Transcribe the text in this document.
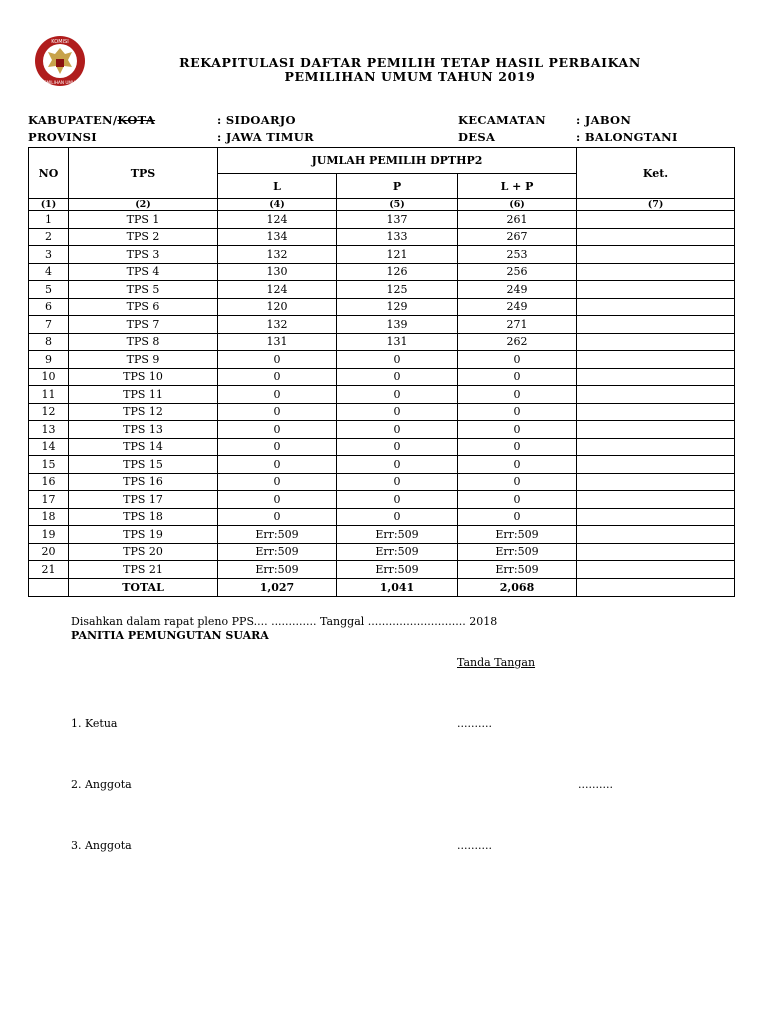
KOMISI
PEMILIHAN UMUM
REKAPITULASI DAFTAR PEMILIH TETAP HASIL PERBAIKAN
PEMILIHAN UMUM TAHUN 2019
KABUPATEN/KOTA	: SIDOARJO	KECAMATAN	: JABON
PROVINSI	: JAWA TIMUR	DESA	: BALONGTANI
NO	TPS	JUMLAH PEMILIH DPTHP2			Ket.
		L	P	L + P	
(1)	(2)	(4)	(5)	(6)	(7)
1	TPS 1	124	137	261	
2	TPS 2	134	133	267	
3	TPS 3	132	121	253	
4	TPS 4	130	126	256	
5	TPS 5	124	125	249	
6	TPS 6	120	129	249	
7	TPS 7	132	139	271	
8	TPS 8	131	131	262	
9	TPS 9	0	0	0	
10	TPS 10	0	0	0	
11	TPS 11	0	0	0	
12	TPS 12	0	0	0	
13	TPS 13	0	0	0	
14	TPS 14	0	0	0	
15	TPS 15	0	0	0	
16	TPS 16	0	0	0	
17	TPS 17	0	0	0	
18	TPS 18	0	0	0	
19	TPS 19	Err:509	Err:509	Err:509	
20	TPS 20	Err:509	Err:509	Err:509	
21	TPS 21	Err:509	Err:509	Err:509	
	TOTAL	1,027	1,041	2,068	
Disahkan dalam rapat pleno PPS.... ............. Tanggal ............................ 2018
PANITIA PEMUNGUTAN SUARA
Tanda Tangan
1. Ketua	..........
2. Anggota	..........
3. Anggota	..........
